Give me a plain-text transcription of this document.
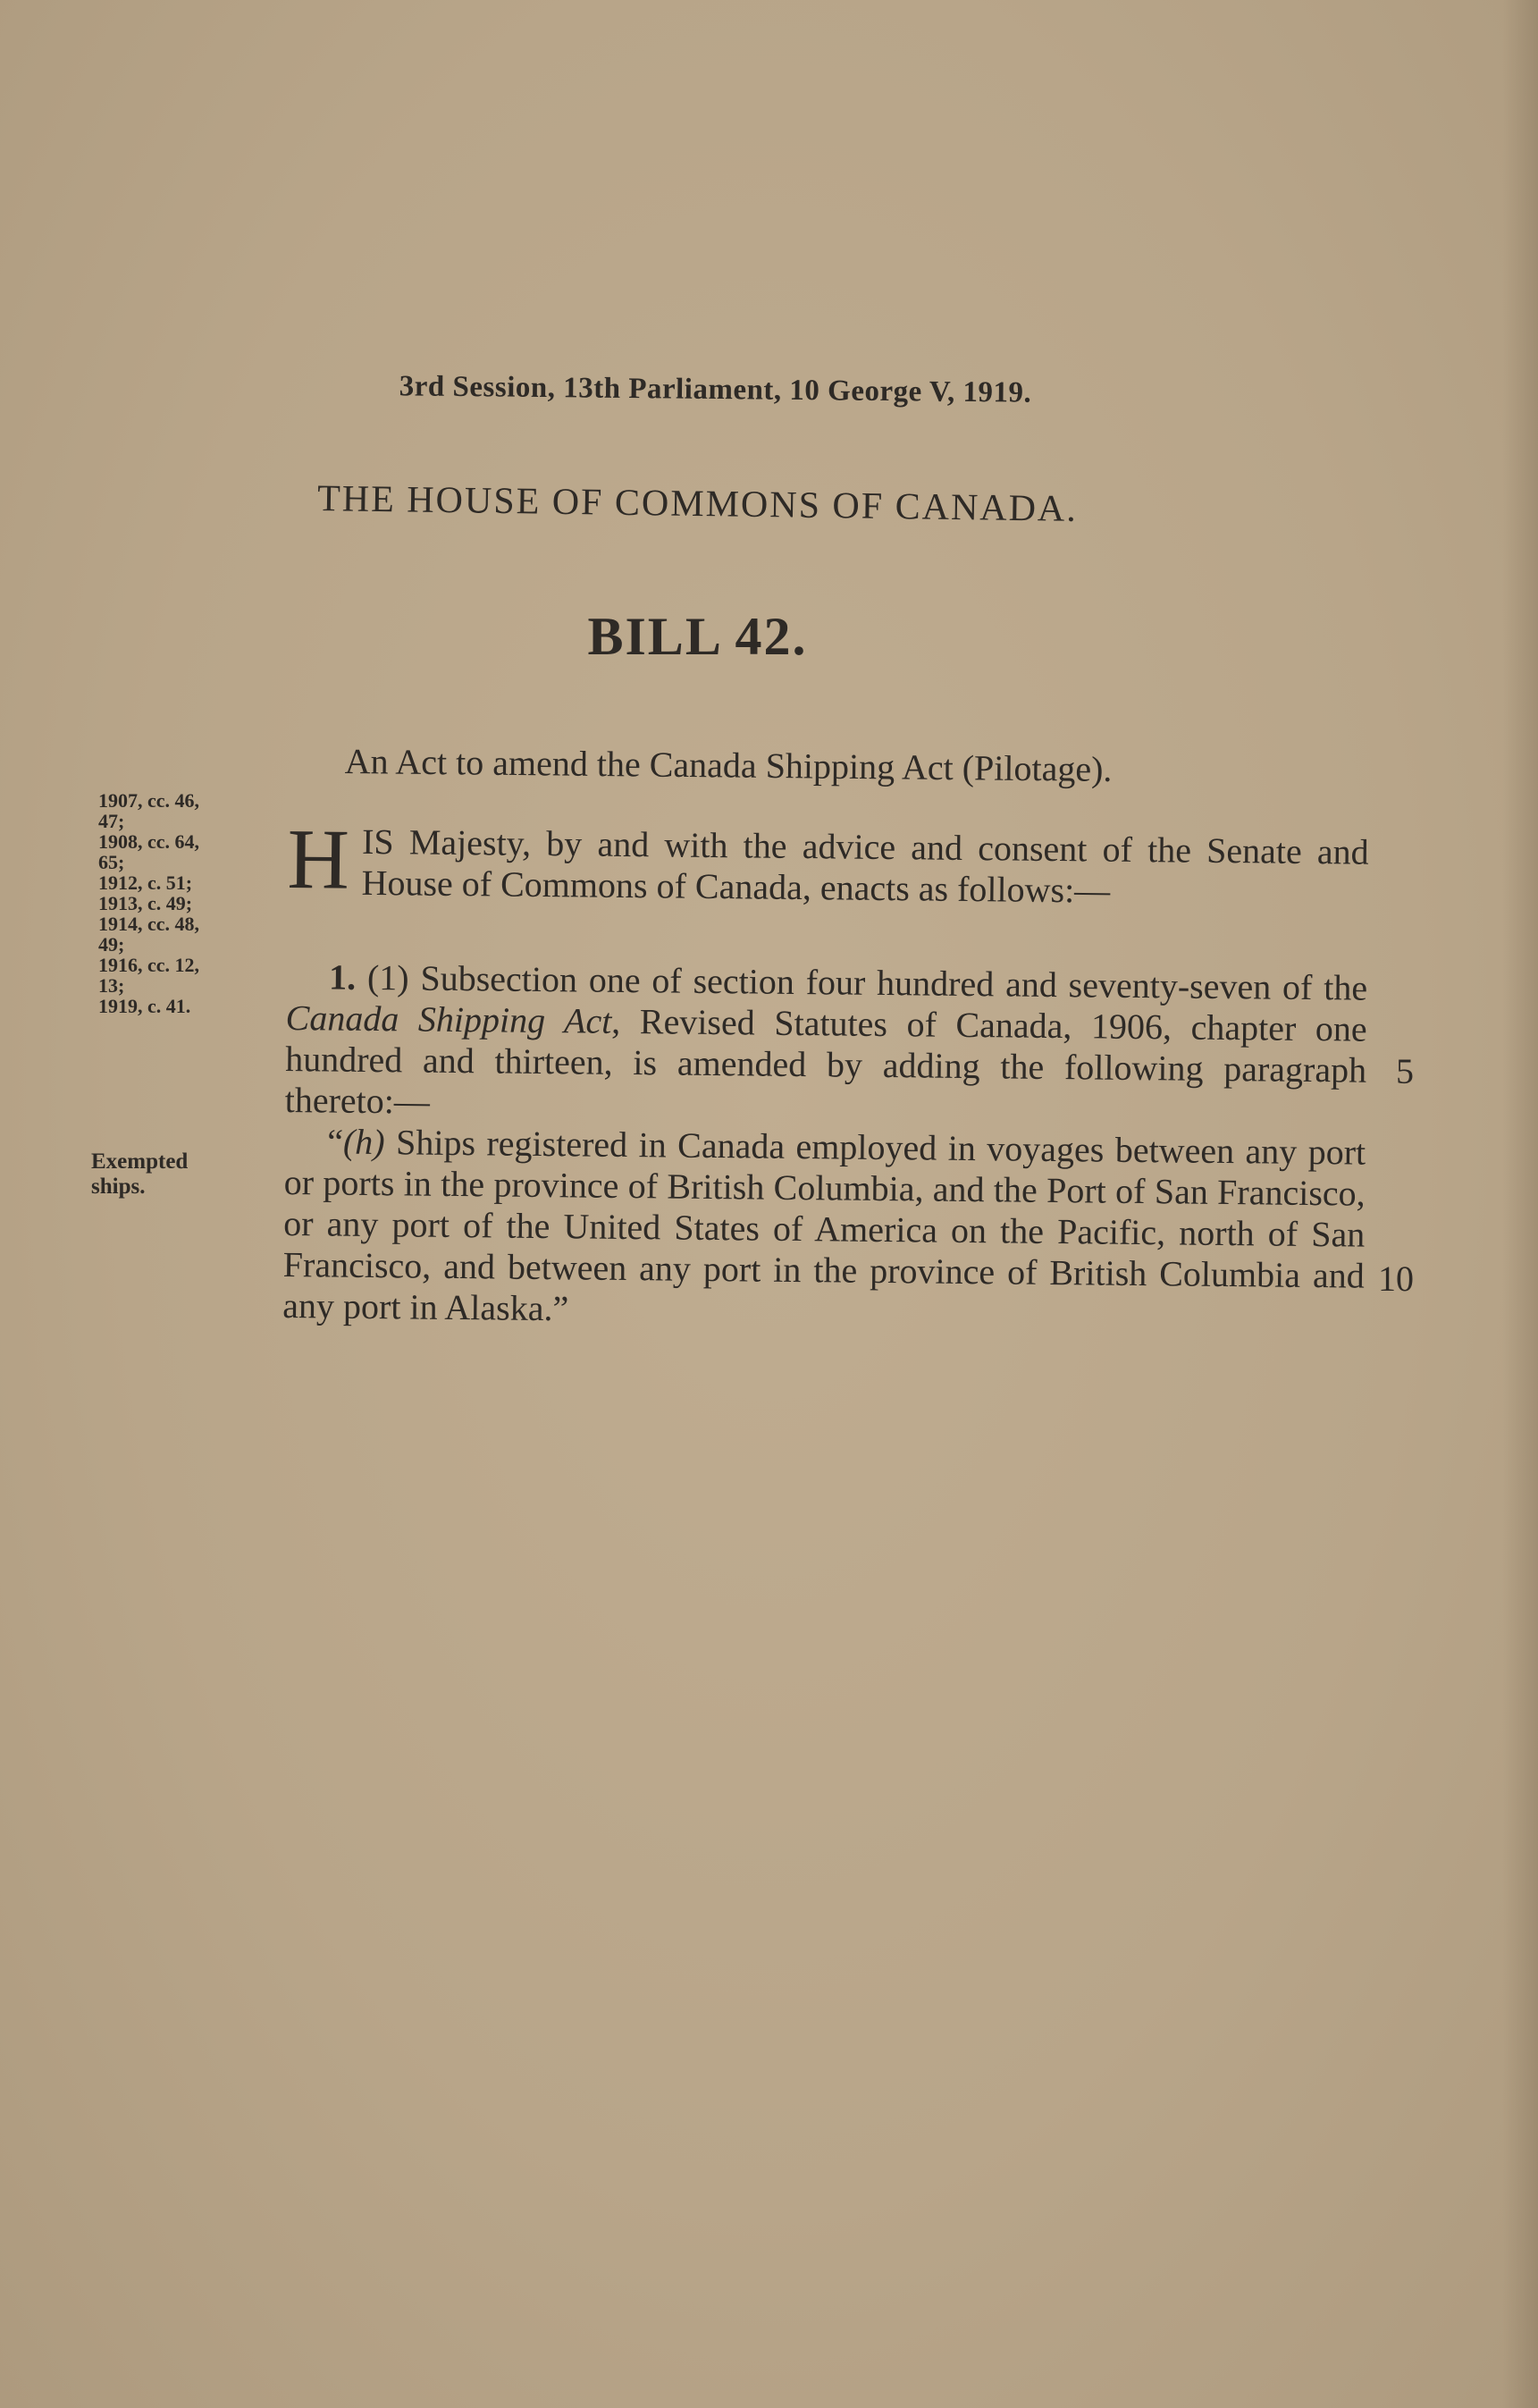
3rd Session, 13th Parliament, 10 George V, 1919.
THE HOUSE OF COMMONS OF CANADA.
BILL 42.
An Act to amend the Canada Shipping Act (Pilotage).
1907, cc. 46,
47;
1908, cc. 64,
65;
1912, c. 51;
1913, c. 49;
1914, cc. 48,
49;
1916, cc. 12,
13;
1919, c. 41.
Exempted
ships.

HIS Majesty, by and with the advice and consent of the Senate and House of Commons of Canada, enacts as follows:—

1. (1) Subsection one of section four hundred and seventy-seven of the Canada Shipping Act, Revised Statutes of Canada, 1906, chapter one hundred and thirteen, is amended by adding the following paragraph thereto:—

“(h) Ships registered in Canada employed in voyages between any port or ports in the province of British Columbia, and the Port of San Francisco, or any port of the United States of America on the Pacific, north of San Francisco, and between any port in the province of British Columbia and any port in Alaska.”

5
10
